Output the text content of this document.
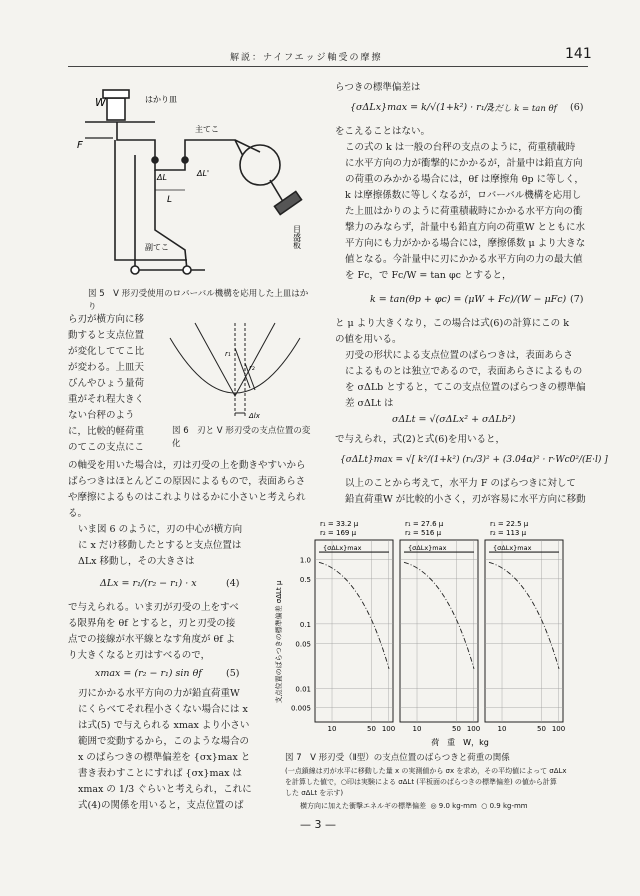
解説：ナイフエッジ軸受の摩擦	141
W	はかり皿
主てこ
F
ΔL	ΔL'
L
副てこ	目盛板
図 5　V 形刃受使用のロバーバル機構を応用した上皿はかり

ら刃が横方向に移

動すると支点位置

が変化しててこ比

が変わる。上皿天

びんやひょう量荷

重がそれ程大きく

ない台秤のよう

に，比較的軽荷重

のてこの支点にこ

r₁
r₂
Δlx
図 6　刃と V 形刃受の支点位置の変化

の軸受を用いた場合は，刃は刃受の上を動きやすいから

ばらつきはほとんどこの原因によるもので，表面あらさ

や摩擦によるものはこれよりはるかに小さいと考えられ

る。

いま図 6 のように，刃の中心が横方向

に x だけ移動したとすると支点位置は

ΔLx 移動し，その大きさは

ΔLx = r₁/(r₂ − r₁) · x	(4)

で与えられる。いま刃が刃受の上をすべ

る限界角を θf とすると，刃と刃受の接

点での接線が水平線となす角度が θf よ

り大きくなると刃はすべるので，

xmax = (r₂ − r₁) sin θf	(5)

刃にかかる水平方向の力が鉛直荷重W

にくらべてそれ程小さくない場合には x

は式(5) で与えられる xmax より小さい

範囲で変動するから，このような場合の

x のばらつきの標準偏差を {σx}max と

書き表わすことにすれば {σx}max は

xmax の 1/3 ぐらいと考えられ，これに

式(4)の関係を用いると，支点位置のば

らつきの標準偏差は
{σΔLx}max = k/√(1+k²) · r₁/3
ただし k = tan θf (6)
をこえることはない。

この式の k は一般の台秤の支点のように，荷重積載時

に水平方向の力が衝撃的にかかるが，計量中は鉛直方向

の荷重のみかかる場合には，θf は摩擦角 θp に等しく，

k は摩擦係数に等しくなるが，ロバーバル機構を応用し

た上皿はかりのように荷重積載時にかかる水平方向の衝

撃力のみならず，計量中も鉛直方向の荷重W とともに水

平方向にも力がかかる場合には，摩擦係数 μ より大きな

値となる。今計量中に刃にかかる水平方向の力の最大値

を Fc，で Fc/W = tan φc とすると，

k = tan(θp + φc) = (μW + Fc)/(W − μFc) (7)

と μ より大きくなり，この場合は式(6)の計算にこの k

の値を用いる。

刃受の形状による支点位置のばらつきは，表面あらさ

によるものとは独立であるので，表面あらさによるもの

を σΔLb とすると，てこの支点位置のばらつきの標準偏

差 σΔLt は

σΔLt = √(σΔLx² + σΔLb²)
で与えられ，式(2)と式(6)を用いると，
{σΔLt}max = √[ k²/(1+k²) (r₁/3)² + (3.04α)² · r·Wc0²/(E·l) ]

以上のことから考えて，水平力 F のばらつきに対して

鉛直荷重W が比較的小さく，刃が容易に水平方向に移動

支点位置のばらつきの標準偏差 σΔLt μ
1.0
0.5
0.1
0.05
0.01
0.005
10	50 100
r₁ = 33.2 μ
r₂ = 169 μ
{σΔLx}max
10	50 100
r₁ = 27.6 μ
r₂ = 516 μ
{σΔLx}max
10	50 100
r₁ = 22.5 μ
r₂ = 113 μ
{σΔLx}max
荷　重　W，kg
図 7　V 形刃受（Ⅱ型）の支点位置のばらつきと荷重の関係
(一点鎖線は刃が水平に移動した量 x の実測値から σx を求め，その平均値によって σΔLx
を計算した値で，○印は実験による σΔLt (平板面のばらつきの標準偏差) の値から計算
した σΔLt を示す)
横方向に加えた衝撃エネルギの標準偏差 ◎ 9.0 kg-mm ○ 0.9 kg-mm
— 3 —
